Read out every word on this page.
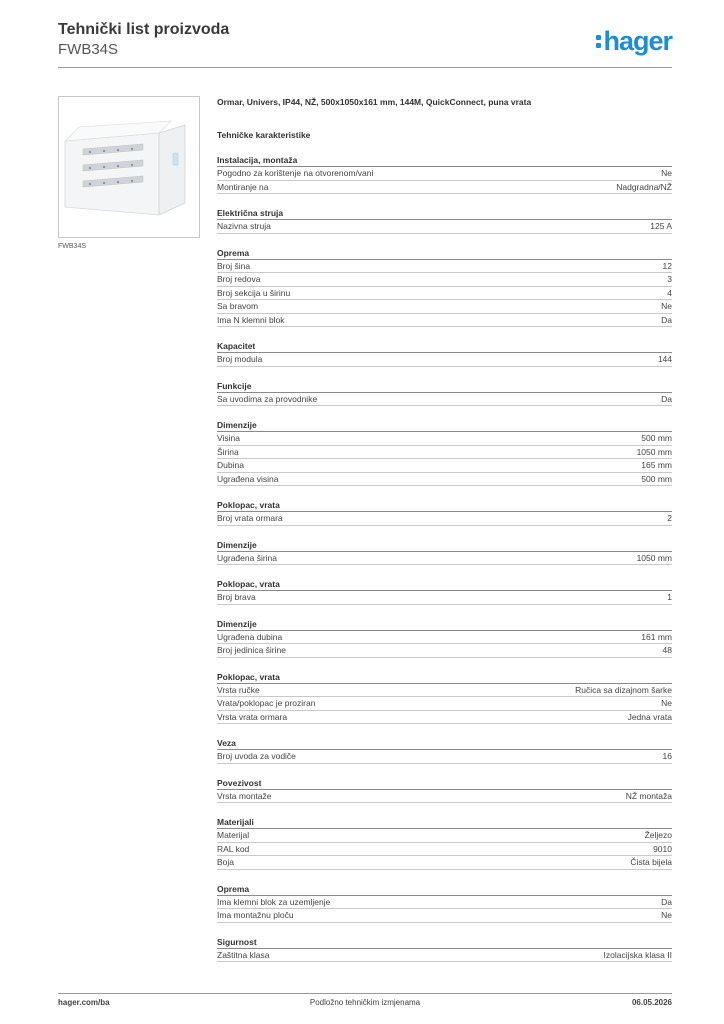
Tehnički list proizvoda
FWB34S	hager
FWB34S
Ormar, Univers, IP44, NŽ, 500x1050x161 mm, 144M, QuickConnect, puna vrata
Tehničke karakteristike
Instalacija, montaža
Pogodno za korištenje na otvorenom/vani	Ne
Montiranje na	Nadgradna/NŽ
Električna struja
Nazivna struja	125 A
Oprema
Broj šina	12
Broj redova	3
Broj sekcija u širinu	4
Sa bravom	Ne
Ima N klemni blok	Da
Kapacitet
Broj modula	144
Funkcije
Sa uvodima za provodnike	Da
Dimenzije
Visina	500 mm
Širina	1050 mm
Dubina	165 mm
Ugrađena visina	500 mm
Poklopac, vrata
Broj vrata ormara	2
Dimenzije
Ugrađena širina	1050 mm
Poklopac, vrata
Broj brava	1
Dimenzije
Ugrađena dubina	161 mm
Broj jedinica širine	48
Poklopac, vrata
Vrsta ručke	Ručica sa dizajnom šarke
Vrata/poklopac je proziran	Ne
Vrsta vrata ormara	Jedna vrata
Veza
Broj uvoda za vodiče	16
Povezivost
Vrsta montaže	NŽ montaža
Materijali
Materijal	Željezo
RAL kod	9010
Boja	Čista bijela
Oprema
Ima klemni blok za uzemljenje	Da
Ima montažnu ploču	Ne
Sigurnost
Zaštitna klasa	Izolacijska klasa II
hager.com/ba	Podložno tehničkim izmjenama	06.05.2026
